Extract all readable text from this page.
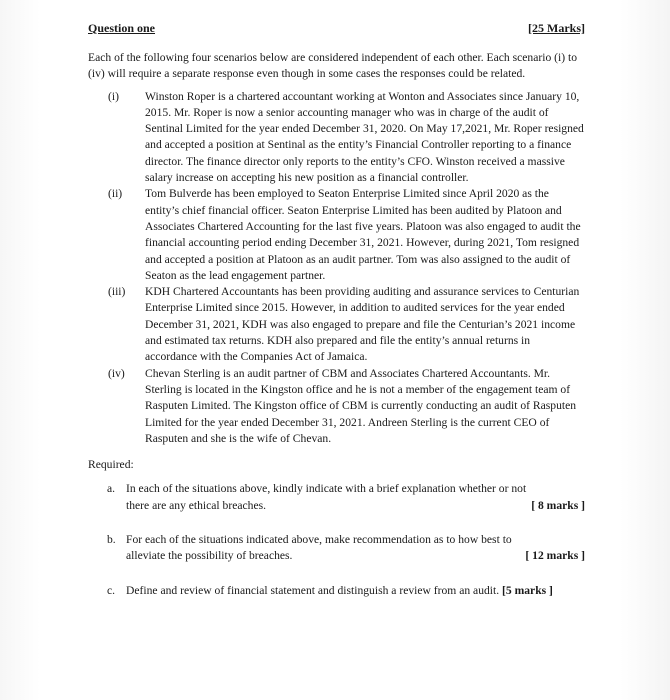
Question one	[25 Marks]
Each of the following four scenarios below are considered independent of each other. Each scenario (i) to (iv) will require a separate response even though in some cases the responses could be related.
(i)	Winston Roper is a chartered accountant working at Wonton and Associates since January 10, 2015. Mr. Roper is now a senior accounting manager who was in charge of the audit of Sentinal Limited for the year ended December 31, 2020. On May 17,2021, Mr. Roper resigned and accepted a position at Sentinal as the entity’s Financial Controller reporting to a finance director. The finance director only reports to the entity’s CFO. Winston received a massive salary increase on accepting his new position as a financial controller.
(ii)	Tom Bulverde has been employed to Seaton Enterprise Limited since April 2020 as the entity’s chief financial officer. Seaton Enterprise Limited has been audited by Platoon and Associates Chartered Accounting for the last five years. Platoon was also engaged to audit the financial accounting period ending December 31, 2021. However, during 2021, Tom resigned and accepted a position at Platoon as an audit partner. Tom was also assigned to the audit of Seaton as the lead engagement partner.
(iii)	KDH Chartered Accountants has been providing auditing and assurance services to Centurian Enterprise Limited since 2015. However, in addition to audited services for the year ended December 31, 2021, KDH was also engaged to prepare and file the Centurian’s 2021 income and estimated tax returns. KDH also prepared and file the entity’s annual returns in accordance with the Companies Act of Jamaica.
(iv)	Chevan Sterling is an audit partner of CBM and Associates Chartered Accountants. Mr. Sterling is located in the Kingston office and he is not a member of the engagement team of Rasputen Limited. The Kingston office of CBM is currently conducting an audit of Rasputen Limited for the year ended December 31, 2021. Andreen Sterling is the current CEO of Rasputen and she is the wife of Chevan.
Required:
a. In each of the situations above, kindly indicate with a brief explanation whether or not
there are any ethical breaches.	[ 8 marks ]
b. For each of the situations indicated above, make recommendation as to how best to
alleviate the possibility of breaches.	[ 12 marks ]
c. Define and review of financial statement and distinguish a review from an audit. [5 marks ]
